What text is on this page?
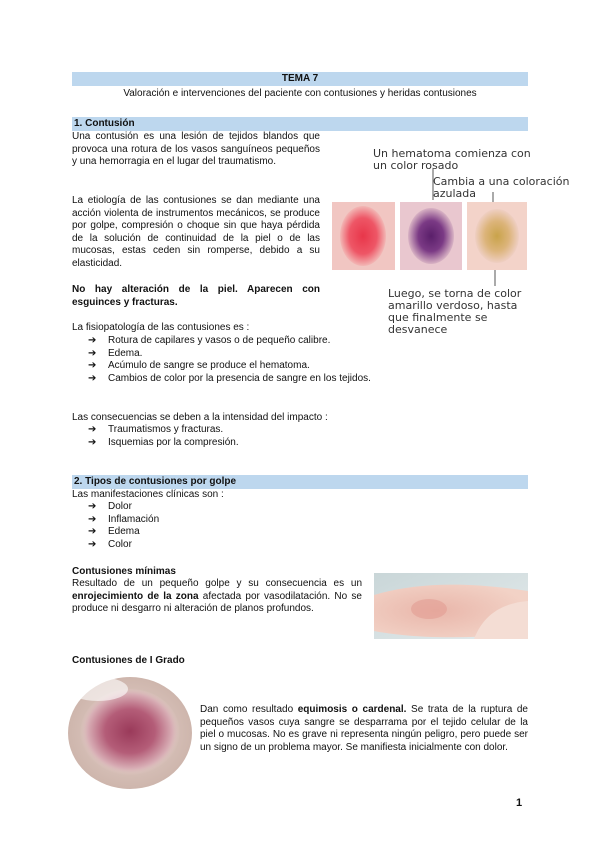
TEMA 7
Valoración e intervenciones del paciente con contusiones y heridas contusiones
1. Contusión

Una contusión es una lesión de tejidos blandos que provoca una rotura de los vasos sanguíneos pequeños y una hemorragia en el lugar del traumatismo.

La etiología de las contusiones se dan mediante una acción violenta de instrumentos mecánicos, se produce por golpe, compresión o choque sin que haya pérdida de la solución de continuidad de la piel o de las mucosas, estas ceden sin romperse, debido a su elasticidad.

No hay alteración de la piel. Aparecen con esguinces y fracturas.

La fisiopatología de las contusiones es :

➔ Rotura de capilares y vasos o de pequeño calibre.
➔ Edema.
➔ Acúmulo de sangre se produce el hematoma.
➔ Cambios de color por la presencia de sangre en los tejidos.

Las consecuencias se deben a la intensidad del impacto :

➔ Traumatismos y fracturas.
➔ Isquemias por la compresión.
Un hematoma comienza con un color rosado
Cambia a una coloración azulada
Luego, se torna de color amarillo verdoso, hasta que finalmente se desvanece
2. Tipos de contusiones por golpe

Las manifestaciones clínicas son :

➔ Dolor
➔ Inflamación
➔ Edema
➔ Color

Contusiones mínimas

Resultado de un pequeño golpe y su consecuencia es un enrojecimiento de la zona afectada por vasodilatación. No se produce ni desgarro ni alteración de planos profundos.

Contusiones de I Grado

Dan como resultado equimosis o cardenal. Se trata de la ruptura de pequeños vasos cuya sangre se desparrama por el tejido celular de la piel o mucosas. No es grave ni representa ningún peligro, pero puede ser un signo de un problema mayor. Se manifiesta inicialmente con dolor.

1
